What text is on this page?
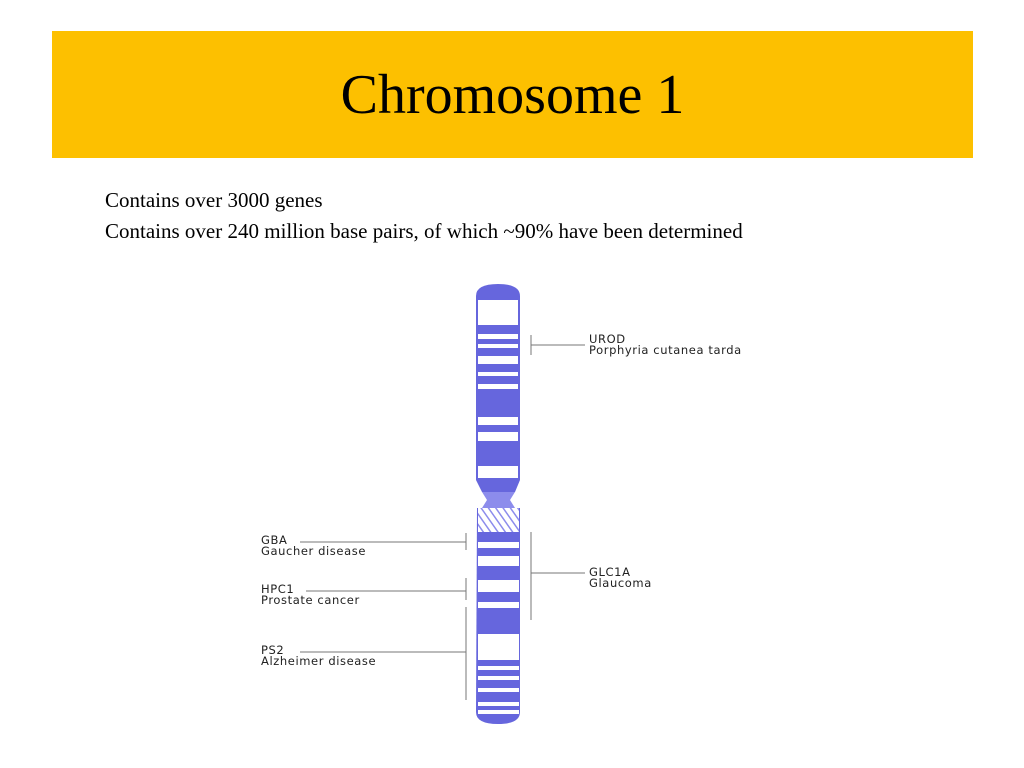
Chromosome 1
Contains over 3000 genes
Contains over 240 million base pairs, of which ~90% have been determined
UROD
Porphyria cutanea tarda
GLC1A
Glaucoma
GBA
Gaucher disease
HPC1
Prostate cancer
PS2
Alzheimer disease
